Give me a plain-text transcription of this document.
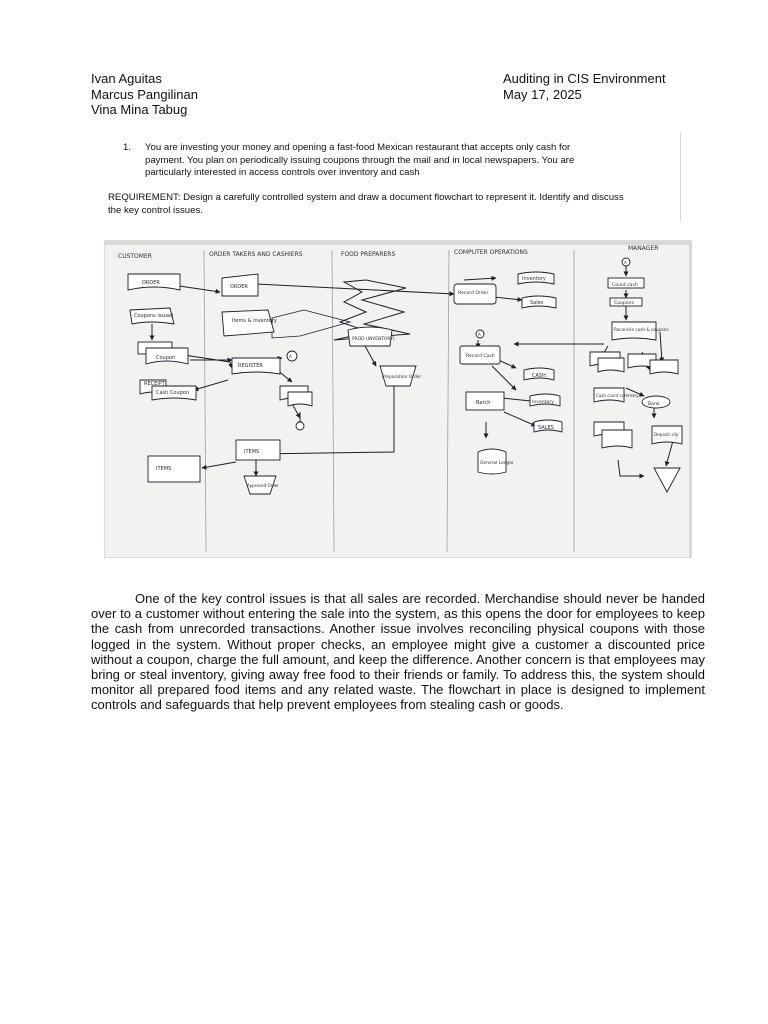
Ivan Aguitas
Marcus Pangilinan
Vina Mina Tabug
Auditing in CIS Environment
May 17, 2025
1. You are investing your money and opening a fast-food Mexican restaurant that accepts only cash for payment. You plan on periodically issuing coupons through the mail and in local newspapers. You are particularly interested in access controls over inventory and cash
REQUIREMENT: Design a carefully controlled system and draw a document flowchart to represent it. Identify and discuss the key control issues.
CUSTOMER	ORDER TAKERS AND CASHIERS	FOOD PREPARERS	COMPUTER OPERATIONS
MANAGER
ORDER
Coupons issued
Coupon
RECEIPT
Cash Coupon
ITEMS
ORDER
Items & inventory
REGISTER
A
ITEMS
Approved Order
PROD (INVENTORY)
Preparation Order
Record Order
Inventory
Sales
A
Record Cash
CASH
Batch	Inventory
SALES
General Ledger
A
Count cash
Coupons
Reconcile cash & coupons
Cash count summary
Bank
Deposit slip
One of the key control issues is that all sales are recorded. Merchandise should never be handed over to a customer without entering the sale into the system, as this opens the door for employees to keep the cash from unrecorded transactions. Another issue involves reconciling physical coupons with those logged in the system. Without proper checks, an employee might give a customer a discounted price without a coupon, charge the full amount, and keep the difference. Another concern is that employees may bring or steal inventory, giving away free food to their friends or family. To address this, the system should monitor all prepared food items and any related waste. The flowchart in place is designed to implement controls and safeguards that help prevent employees from stealing cash or goods.
